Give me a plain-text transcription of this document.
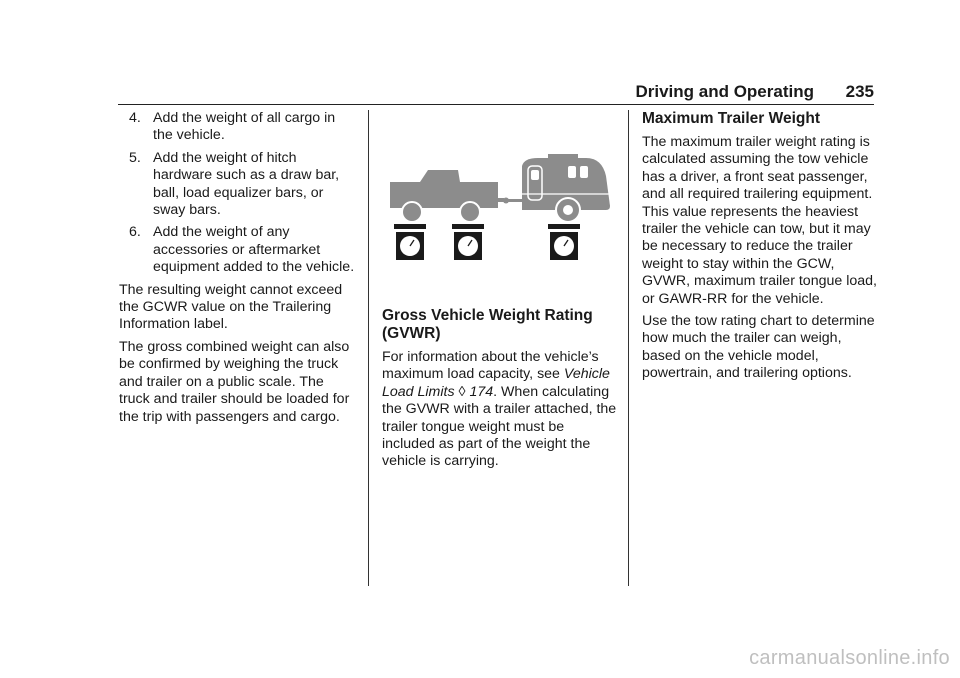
Driving and Operating 235
4. Add the weight of all cargo in the vehicle.
5. Add the weight of hitch hardware such as a draw bar, ball, load equalizer bars, or sway bars.
6. Add the weight of any accessories or aftermarket equipment added to the vehicle.

The resulting weight cannot exceed the GCWR value on the Trailering Information label.

The gross combined weight can also be confirmed by weighing the truck and trailer on a public scale. The truck and trailer should be loaded for the trip with passengers and cargo.

Gross Vehicle Weight Rating (GVWR)

For information about the vehicle’s maximum load capacity, see Vehicle Load Limits ◊ 174. When calculating the GVWR with a trailer attached, the trailer tongue weight must be included as part of the weight the vehicle is carrying.

Maximum Trailer Weight

The maximum trailer weight rating is calculated assuming the tow vehicle has a driver, a front seat passenger, and all required trailering equipment. This value represents the heaviest trailer the vehicle can tow, but it may be necessary to reduce the trailer weight to stay within the GCW, GVWR, maximum trailer tongue load, or GAWR-RR for the vehicle.

Use the tow rating chart to determine how much the trailer can weigh, based on the vehicle model, powertrain, and trailering options.

carmanualsonline.info
